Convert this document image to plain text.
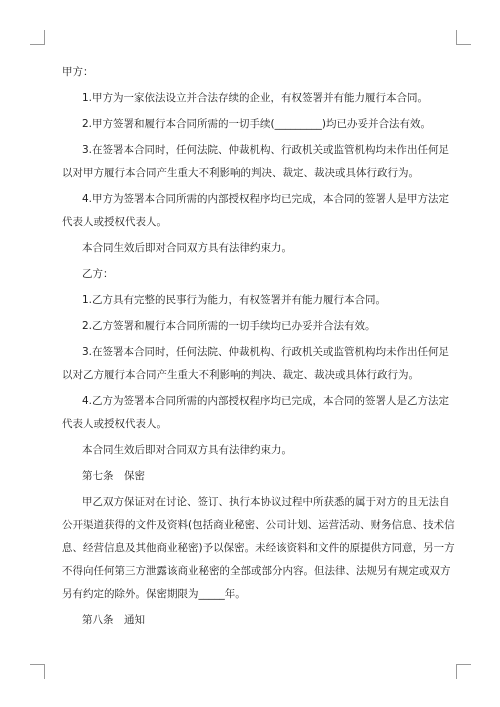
甲方：

1.甲方为一家依法设立并合法存续的企业，有权签署并有能力履行本合同。

2.甲方签署和履行本合同所需的一切手续(_________)均已办妥并合法有效。

3.在签署本合同时，任何法院、仲裁机构、行政机关或监管机构均未作出任何足

以对甲方履行本合同产生重大不利影响的判决、裁定、裁决或具体行政行为。

4.甲方为签署本合同所需的内部授权程序均已完成，本合同的签署人是甲方法定

代表人或授权代表人。

本合同生效后即对合同双方具有法律约束力。

乙方：

1.乙方具有完整的民事行为能力，有权签署并有能力履行本合同。

2.乙方签署和履行本合同所需的一切手续均已办妥并合法有效。

3.在签署本合同时，任何法院、仲裁机构、行政机关或监管机构均未作出任何足

以对乙方履行本合同产生重大不利影响的判决、裁定、裁决或具体行政行为。

4.乙方为签署本合同所需的内部授权程序均已完成，本合同的签署人是乙方法定

代表人或授权代表人。

本合同生效后即对合同双方具有法律约束力。

第七条　保密

甲乙双方保证对在讨论、签订、执行本协议过程中所获悉的属于对方的且无法自

公开渠道获得的文件及资料(包括商业秘密、公司计划、运营活动、财务信息、技术信

息、经营信息及其他商业秘密)予以保密。未经该资料和文件的原提供方同意，另一方

不得向任何第三方泄露该商业秘密的全部或部分内容。但法律、法规另有规定或双方

另有约定的除外。保密期限为_____年。

第八条　通知
